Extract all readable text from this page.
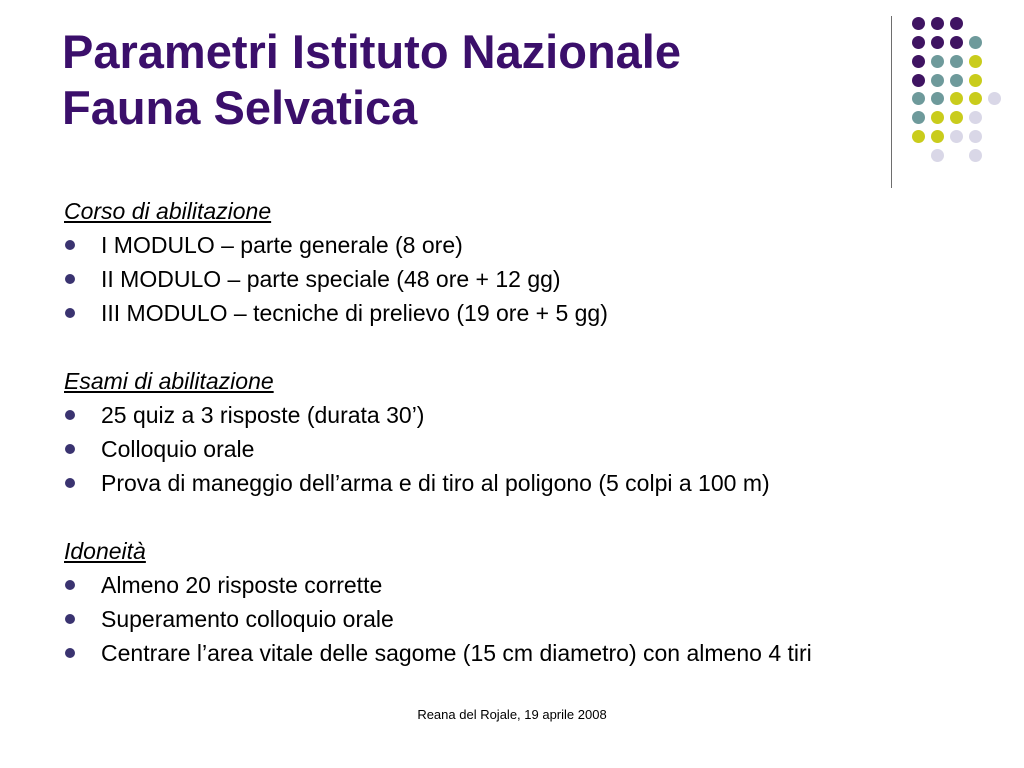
Parametri Istituto Nazionale
Fauna Selvatica
Corso di abilitazione
I MODULO – parte generale (8 ore)
II MODULO – parte speciale (48 ore + 12 gg)
III MODULO – tecniche di prelievo (19 ore + 5 gg)
Esami di abilitazione
25 quiz a 3 risposte (durata 30’)
Colloquio orale
Prova di maneggio dell’arma e di tiro al poligono (5 colpi a 100 m)
Idoneità
Almeno 20 risposte corrette
Superamento colloquio orale
Centrare l’area vitale delle sagome (15 cm diametro) con almeno 4 tiri
Reana del Rojale, 19 aprile 2008
